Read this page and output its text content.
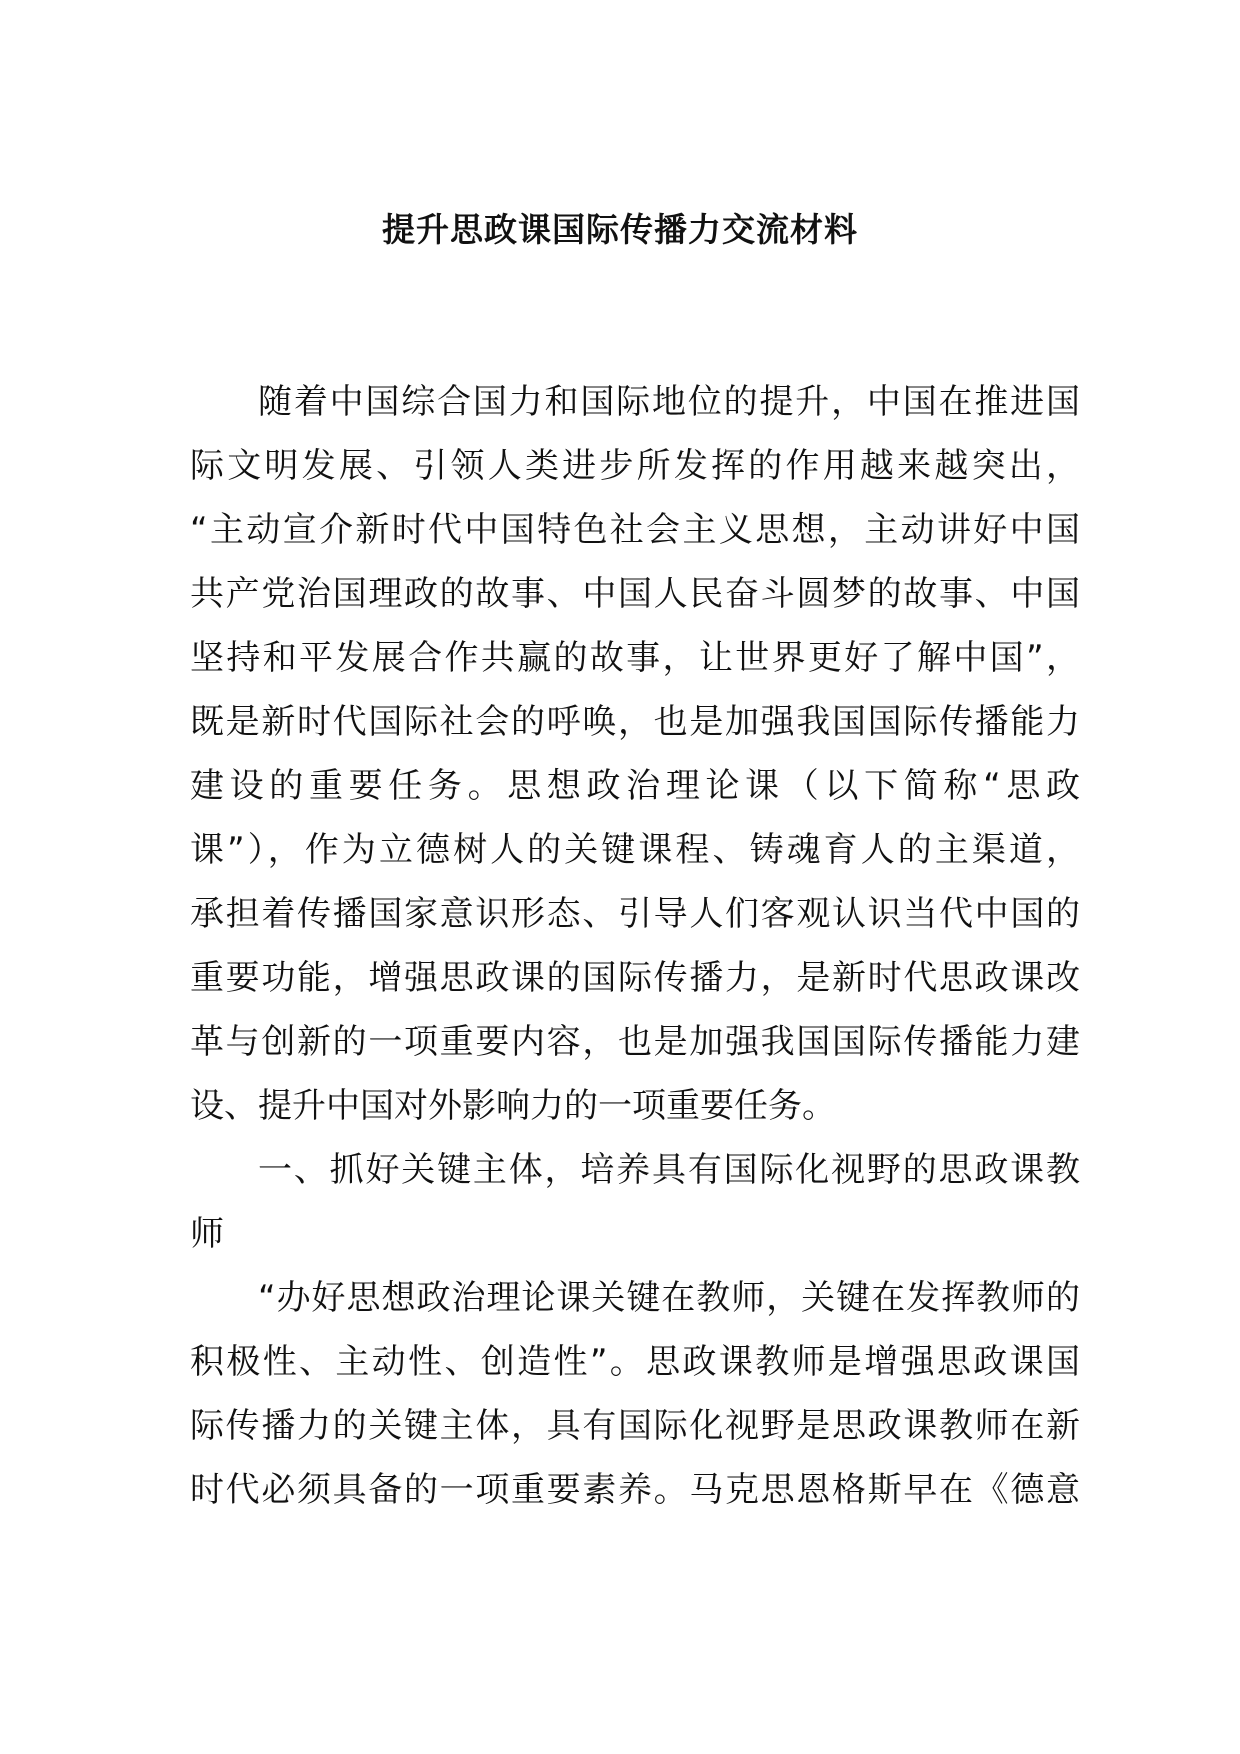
提升思政课国际传播力交流材料
随着中国综合国力和国际地位的提升，中国在推进国
际文明发展、引领人类进步所发挥的作用越来越突出，
“主动宣介新时代中国特色社会主义思想，主动讲好中国
共产党治国理政的故事、中国人民奋斗圆梦的故事、中国
坚持和平发展合作共赢的故事，让世界更好了解中国”，
既是新时代国际社会的呼唤，也是加强我国国际传播能力
建设的重要任务。思想政治理论课（以下简称“思政
课”），作为立德树人的关键课程、铸魂育人的主渠道，
承担着传播国家意识形态、引导人们客观认识当代中国的
重要功能，增强思政课的国际传播力，是新时代思政课改
革与创新的一项重要内容，也是加强我国国际传播能力建
设、提升中国对外影响力的一项重要任务。
一、抓好关键主体，培养具有国际化视野的思政课教
师
“办好思想政治理论课关键在教师，关键在发挥教师的
积极性、主动性、创造性”。思政课教师是增强思政课国
际传播力的关键主体，具有国际化视野是思政课教师在新
时代必须具备的一项重要素养。马克思恩格斯早在《德意
